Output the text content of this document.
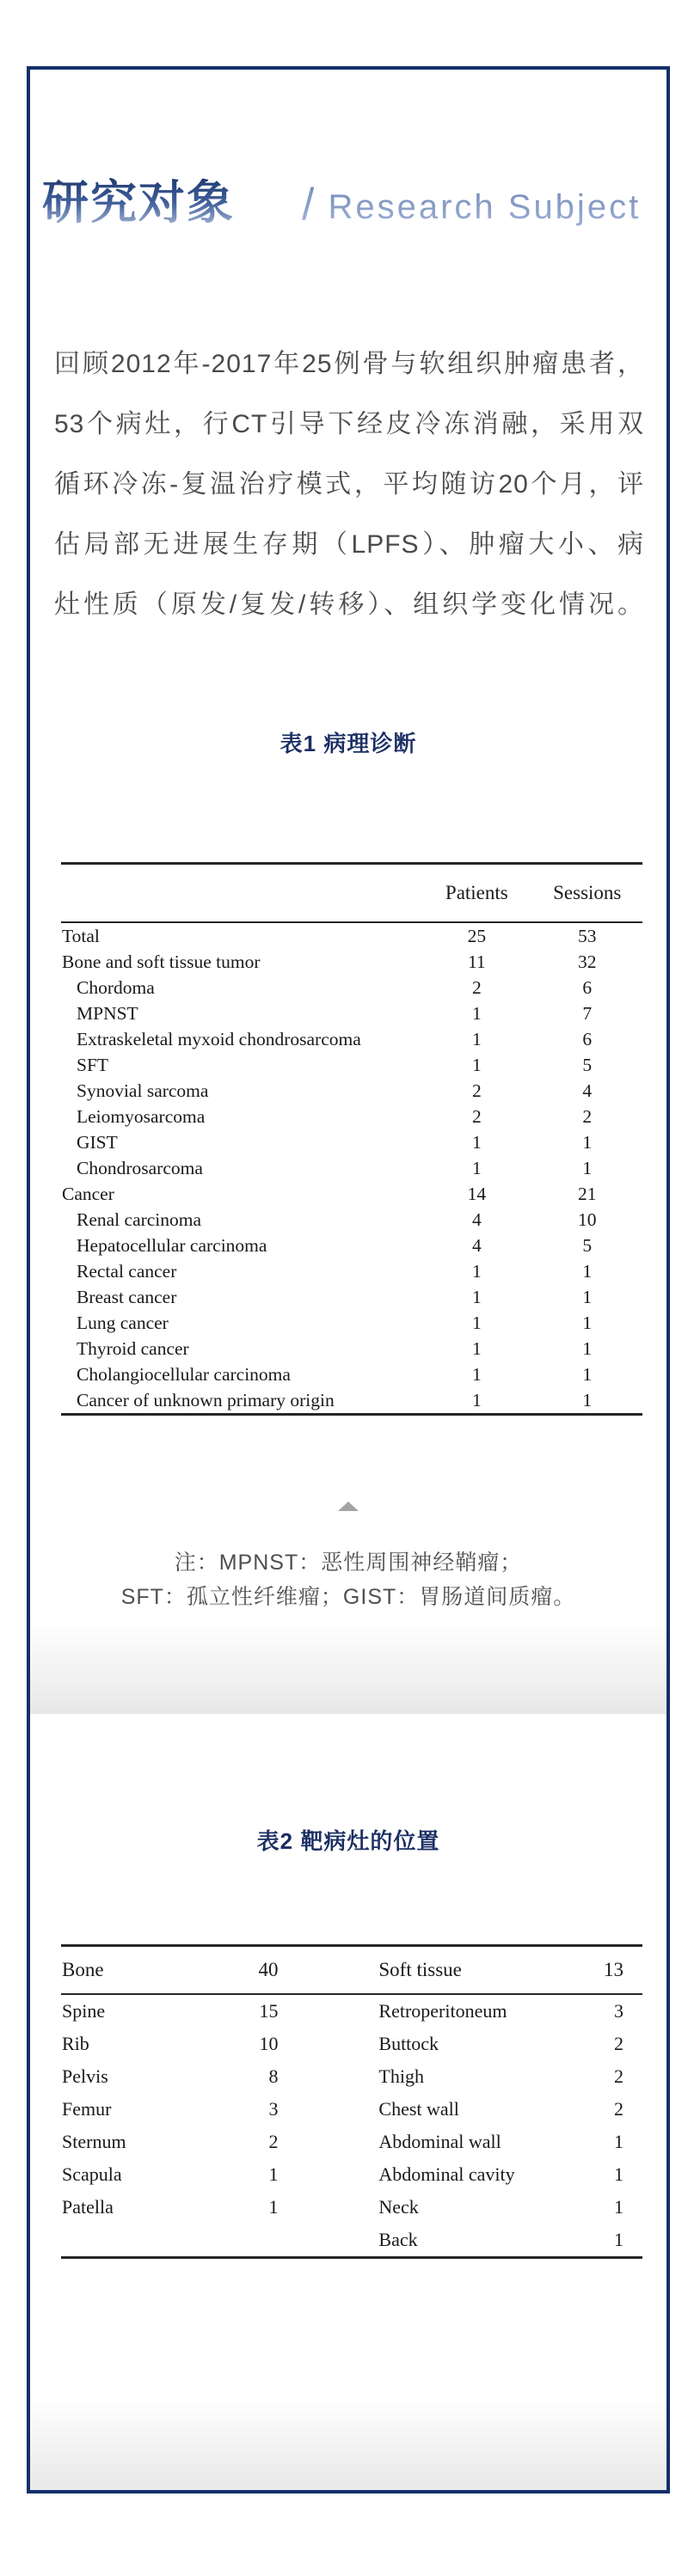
研究对象 / Research Subject
回顾2012年-2017年25例骨与软组织肿瘤患者，
53个病灶，行CT引导下经皮冷冻消融，采用双
循环冷冻-复温治疗模式，平均随访20个月，评
估局部无进展生存期（LPFS）、肿瘤大小、病
灶性质（原发/复发/转移）、组织学变化情况。
表1 病理诊断
	Patients	Sessions
Total	25	53
Bone and soft tissue tumor	11	32
Chordoma	2	6
MPNST	1	7
Extraskeletal myxoid chondrosarcoma	1	6
SFT	1	5
Synovial sarcoma	2	4
Leiomyosarcoma	2	2
GIST	1	1
Chondrosarcoma	1	1
Cancer	14	21
Renal carcinoma	4	10
Hepatocellular carcinoma	4	5
Rectal cancer	1	1
Breast cancer	1	1
Lung cancer	1	1
Thyroid cancer	1	1
Cholangiocellular carcinoma	1	1
Cancer of unknown primary origin	1	1
注：MPNST：恶性周围神经鞘瘤；
SFT：孤立性纤维瘤；GIST：胃肠道间质瘤。
表2 靶病灶的位置
Bone	40		Soft tissue	13
Spine	15		Retroperitoneum	3
Rib	10		Buttock	2
Pelvis	8		Thigh	2
Femur	3		Chest wall	2
Sternum	2		Abdominal wall	1
Scapula	1		Abdominal cavity	1
Patella	1		Neck	1
			Back	1
